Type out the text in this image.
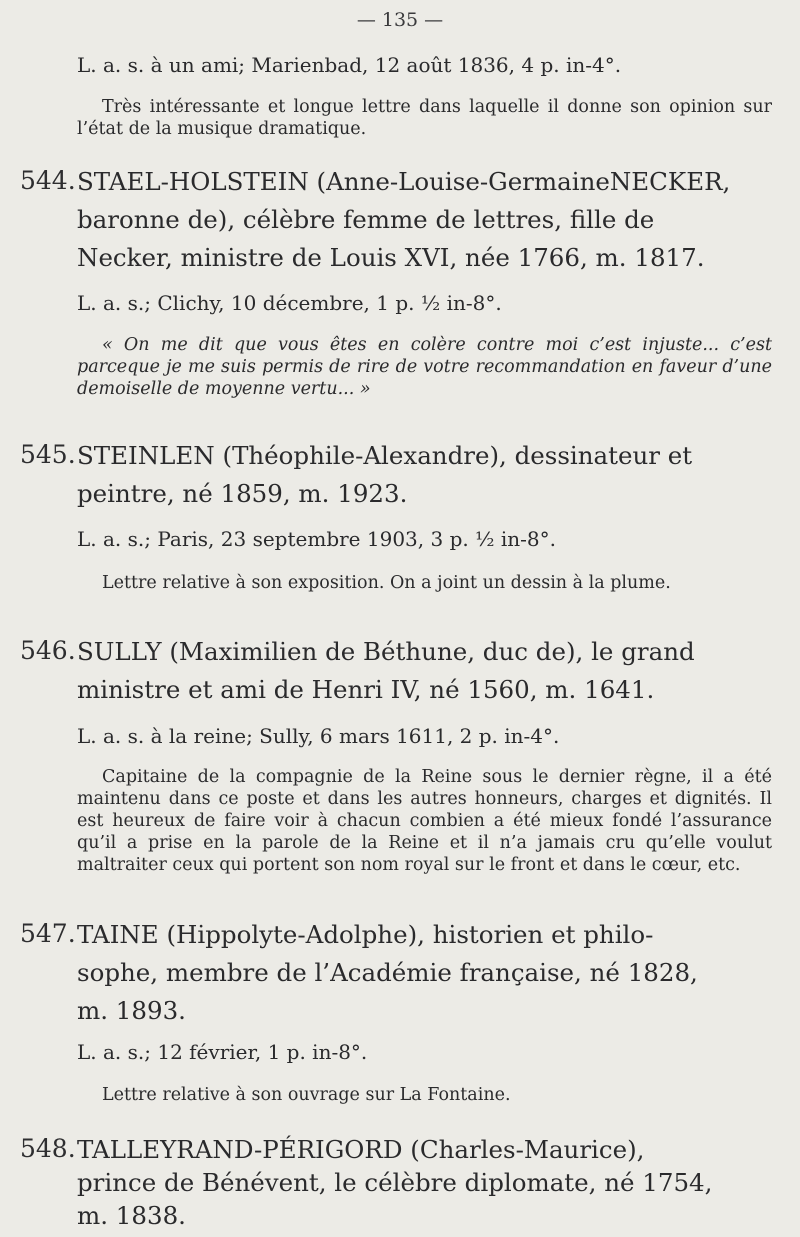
— 135 —
L. a. s. à un ami; Marienbad, 12 août 1836, 4 p. in-4°.
Très intéressante et longue lettre dans laquelle il donne son opinion sur l’état de la musique dramatique.
544. STAEL-HOLSTEIN (Anne-Louise-GermaineNECKER,
baronne de), célèbre femme de lettres, fille de
Necker, ministre de Louis XVI, née 1766, m. 1817.
L. a. s.; Clichy, 10 décembre, 1 p. ½ in-8°.
« On me dit que vous êtes en colère contre moi c’est injuste... c’est parceque je me suis permis de rire de votre recommandation en faveur d’une demoiselle de moyenne vertu... »
545. STEINLEN (Théophile-Alexandre), dessinateur et
peintre, né 1859, m. 1923.
L. a. s.; Paris, 23 septembre 1903, 3 p. ½ in-8°.
Lettre relative à son exposition. On a joint un dessin à la plume.
546. SULLY (Maximilien de Béthune, duc de), le grand
ministre et ami de Henri IV, né 1560, m. 1641.
L. a. s. à la reine; Sully, 6 mars 1611, 2 p. in-4°.
Capitaine de la compagnie de la Reine sous le dernier règne, il a été maintenu dans ce poste et dans les autres honneurs, charges et dignités. Il est heureux de faire voir à chacun combien a été mieux fondé l’assurance qu’il a prise en la parole de la Reine et il n’a jamais cru qu’elle voulut maltraiter ceux qui portent son nom royal sur le front et dans le cœur, etc.
547. TAINE (Hippolyte-Adolphe), historien et philo-
sophe, membre de l’Académie française, né 1828,
m. 1893.
L. a. s.; 12 février, 1 p. in-8°.
Lettre relative à son ouvrage sur La Fontaine.
548. TALLEYRAND-PÉRIGORD (Charles-Maurice),
prince de Bénévent, le célèbre diplomate, né 1754,
m. 1838.
